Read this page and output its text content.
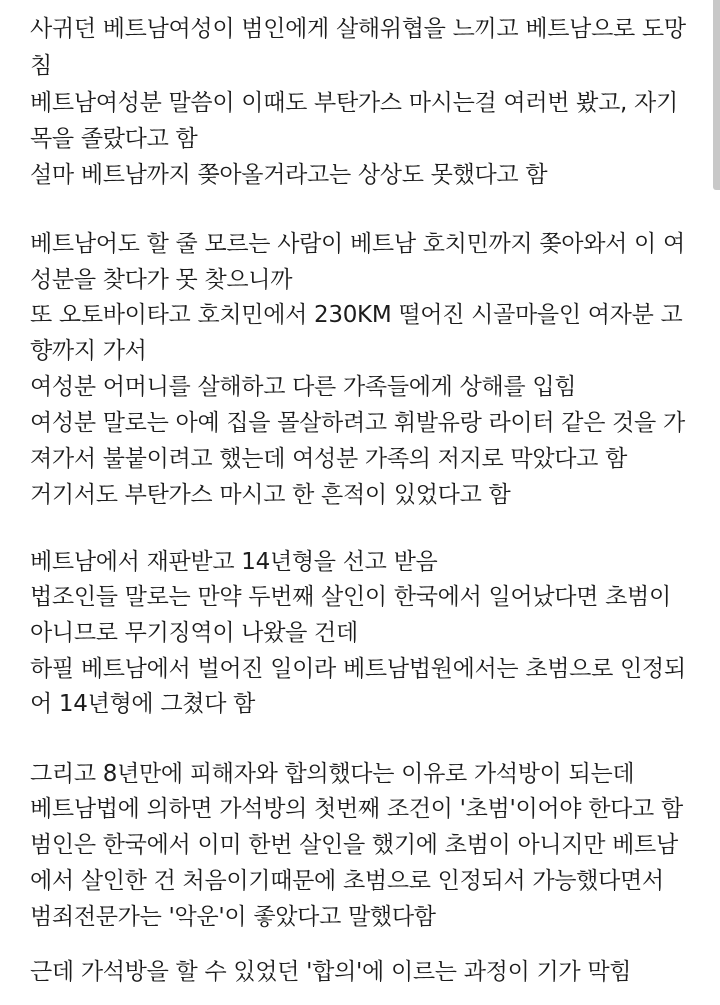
사귀던 베트남여성이 범인에게 살해위협을 느끼고 베트남으로 도망

침

베트남여성분 말씀이 이때도 부탄가스 마시는걸 여러번 봤고, 자기

목을 졸랐다고 함

설마 베트남까지 쫒아올거라고는 상상도 못했다고 함

베트남어도 할 줄 모르는 사람이 베트남 호치민까지 쫒아와서 이 여

성분을 찾다가 못 찾으니까

또 오토바이타고 호치민에서 230KM 떨어진 시골마을인 여자분 고

향까지 가서

여성분 어머니를 살해하고 다른 가족들에게 상해를 입힘

여성분 말로는 아예 집을 몰살하려고 휘발유랑 라이터 같은 것을 가

져가서 불붙이려고 했는데 여성분 가족의 저지로 막았다고 함

거기서도 부탄가스 마시고 한 흔적이 있었다고 함

베트남에서 재판받고 14년형을 선고 받음

법조인들 말로는 만약 두번째 살인이 한국에서 일어났다면 초범이

아니므로 무기징역이 나왔을 건데

하필 베트남에서 벌어진 일이라 베트남법원에서는 초범으로 인정되

어 14년형에 그쳤다 함

그리고 8년만에 피해자와 합의했다는 이유로 가석방이 되는데

베트남법에 의하면 가석방의 첫번째 조건이 '초범'이어야 한다고 함

범인은 한국에서 이미 한번 살인을 했기에 초범이 아니지만 베트남

에서 살인한 건 처음이기때문에 초범으로 인정되서 가능했다면서

범죄전문가는 '악운'이 좋았다고 말했다함

근데 가석방을 할 수 있었던 '합의'에 이르는 과정이 기가 막힘
